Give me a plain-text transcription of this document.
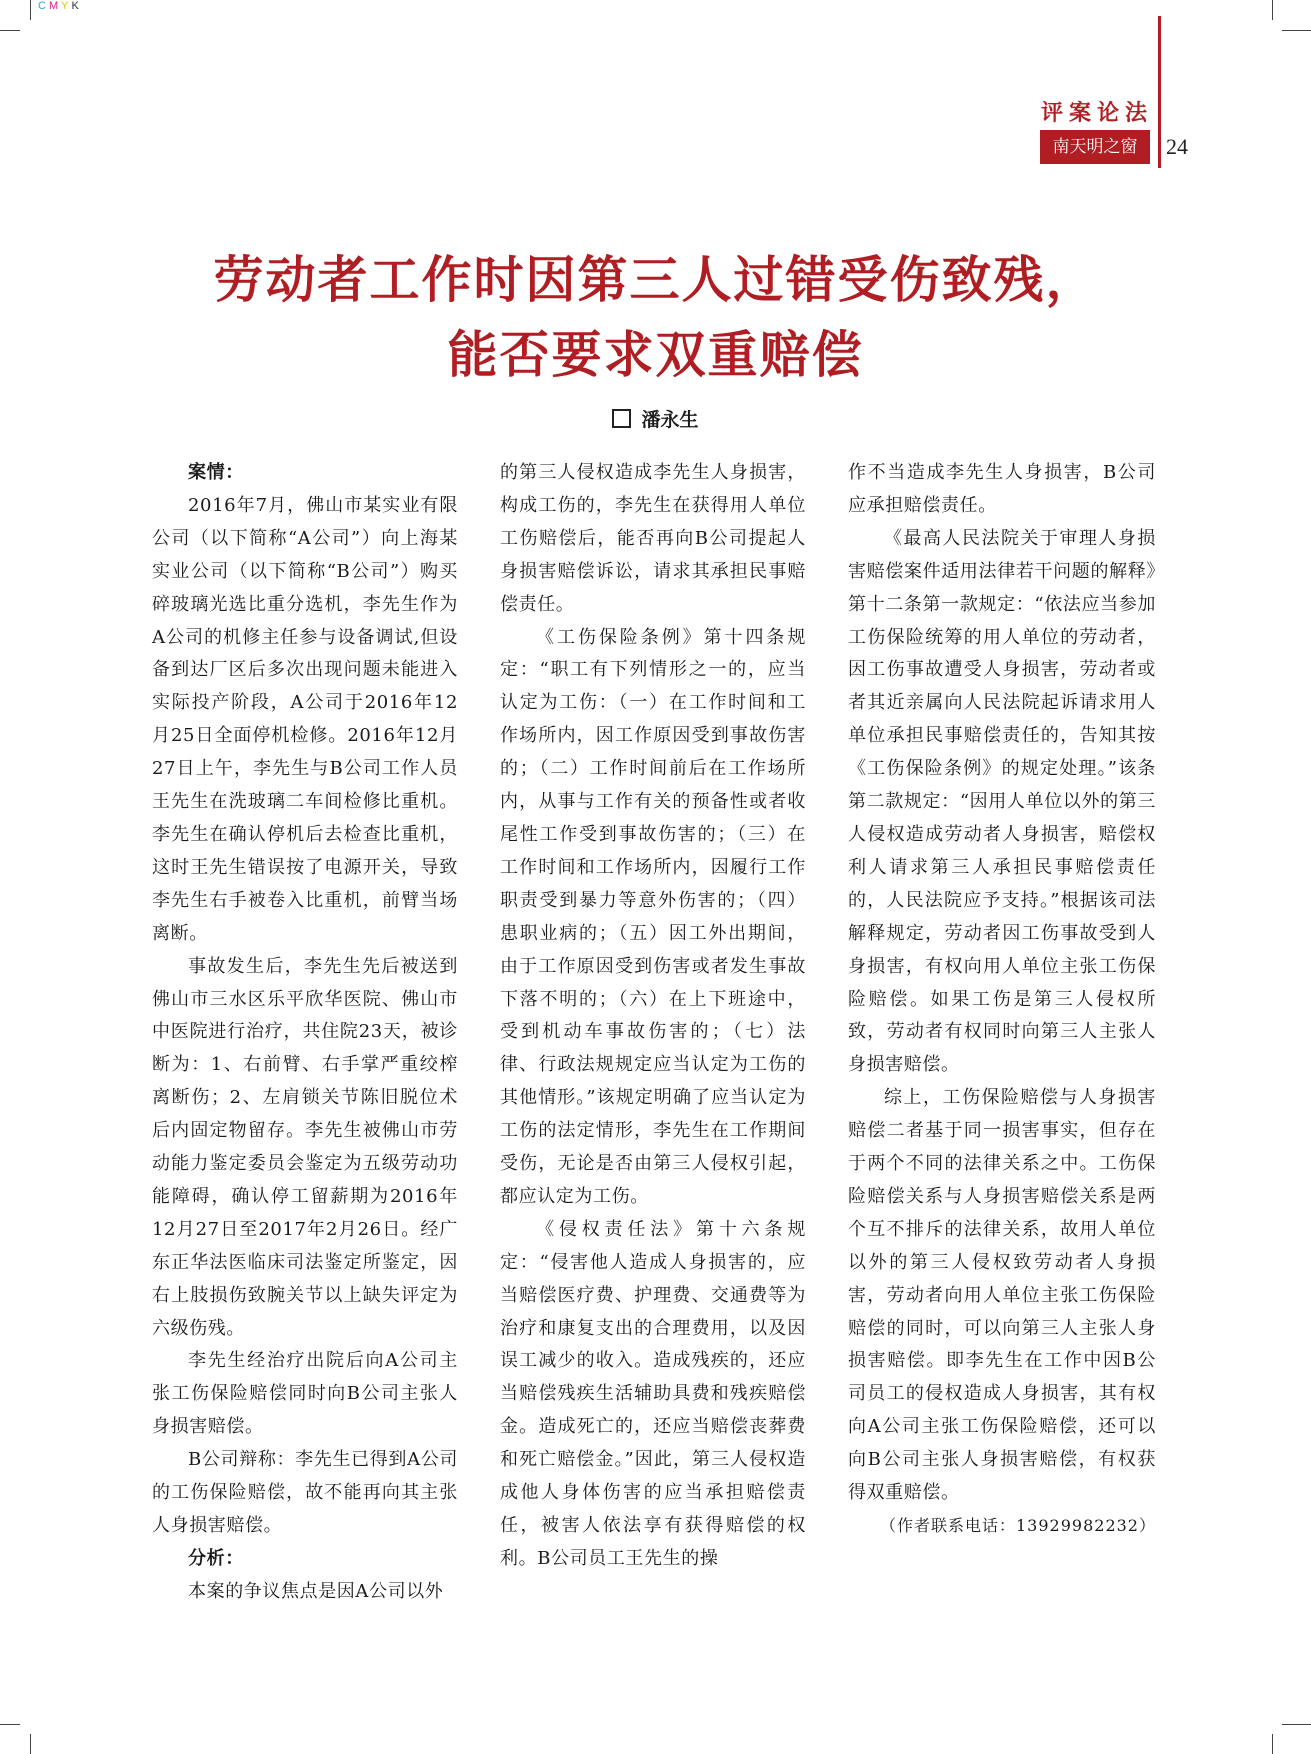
CMYK
评案论法
南天明之窗	24
劳动者工作时因第三人过错受伤致残，
能否要求双重赔偿
潘永生
案情：

2016年7月，佛山市某实业有限公司（以下简称“A公司”）向上海某实业公司（以下简称“B公司”）购买碎玻璃光选比重分选机，李先生作为A公司的机修主任参与设备调试,但设备到达厂区后多次出现问题未能进入实际投产阶段，A公司于2016年12月25日全面停机检修。2016年12月27日上午，李先生与B公司工作人员王先生在洗玻璃二车间检修比重机。李先生在确认停机后去检查比重机，这时王先生错误按了电源开关，导致李先生右手被卷入比重机，前臂当场离断。

事故发生后，李先生先后被送到佛山市三水区乐平欣华医院、佛山市中医院进行治疗，共住院23天，被诊断为：1、右前臂、右手掌严重绞榨离断伤；2、左肩锁关节陈旧脱位术后内固定物留存。李先生被佛山市劳动能力鉴定委员会鉴定为五级劳动功能障碍，确认停工留薪期为2016年12月27日至2017年2月26日。经广东正华法医临床司法鉴定所鉴定，因右上肢损伤致腕关节以上缺失评定为六级伤残。

李先生经治疗出院后向A公司主张工伤保险赔偿同时向B公司主张人身损害赔偿。

B公司辩称：李先生已得到A公司的工伤保险赔偿，故不能再向其主张人身损害赔偿。

分析：

本案的争议焦点是因A公司以外

的第三人侵权造成李先生人身损害，构成工伤的，李先生在获得用人单位工伤赔偿后，能否再向B公司提起人身损害赔偿诉讼，请求其承担民事赔偿责任。

《工伤保险条例》第十四条规定：“职工有下列情形之一的，应当认定为工伤：（一）在工作时间和工作场所内，因工作原因受到事故伤害的；（二）工作时间前后在工作场所内，从事与工作有关的预备性或者收尾性工作受到事故伤害的；（三）在工作时间和工作场所内，因履行工作职责受到暴力等意外伤害的；（四）患职业病的；（五）因工外出期间，由于工作原因受到伤害或者发生事故下落不明的；（六）在上下班途中，受到机动车事故伤害的；（七）法律、行政法规规定应当认定为工伤的其他情形。”该规定明确了应当认定为工伤的法定情形，李先生在工作期间受伤，无论是否由第三人侵权引起，都应认定为工伤。

《侵权责任法》第十六条规定：“侵害他人造成人身损害的，应当赔偿医疗费、护理费、交通费等为治疗和康复支出的合理费用，以及因误工减少的收入。造成残疾的，还应当赔偿残疾生活辅助具费和残疾赔偿金。造成死亡的，还应当赔偿丧葬费和死亡赔偿金。”因此，第三人侵权造成他人身体伤害的应当承担赔偿责任，被害人依法享有获得赔偿的权利。B公司员工王先生的操

作不当造成李先生人身损害，B公司应承担赔偿责任。

《最高人民法院关于审理人身损害赔偿案件适用法律若干问题的解释》第十二条第一款规定：“依法应当参加工伤保险统筹的用人单位的劳动者，因工伤事故遭受人身损害，劳动者或者其近亲属向人民法院起诉请求用人单位承担民事赔偿责任的，告知其按《工伤保险条例》的规定处理。”该条第二款规定：“因用人单位以外的第三人侵权造成劳动者人身损害，赔偿权利人请求第三人承担民事赔偿责任的，人民法院应予支持。”根据该司法解释规定，劳动者因工伤事故受到人身损害，有权向用人单位主张工伤保险赔偿。如果工伤是第三人侵权所致，劳动者有权同时向第三人主张人身损害赔偿。

综上，工伤保险赔偿与人身损害赔偿二者基于同一损害事实，但存在于两个不同的法律关系之中。工伤保险赔偿关系与人身损害赔偿关系是两个互不排斥的法律关系，故用人单位以外的第三人侵权致劳动者人身损害，劳动者向用人单位主张工伤保险赔偿的同时，可以向第三人主张人身损害赔偿。即李先生在工作中因B公司员工的侵权造成人身损害，其有权向A公司主张工伤保险赔偿，还可以向B公司主张人身损害赔偿，有权获得双重赔偿。

（作者联系电话：13929982232）
